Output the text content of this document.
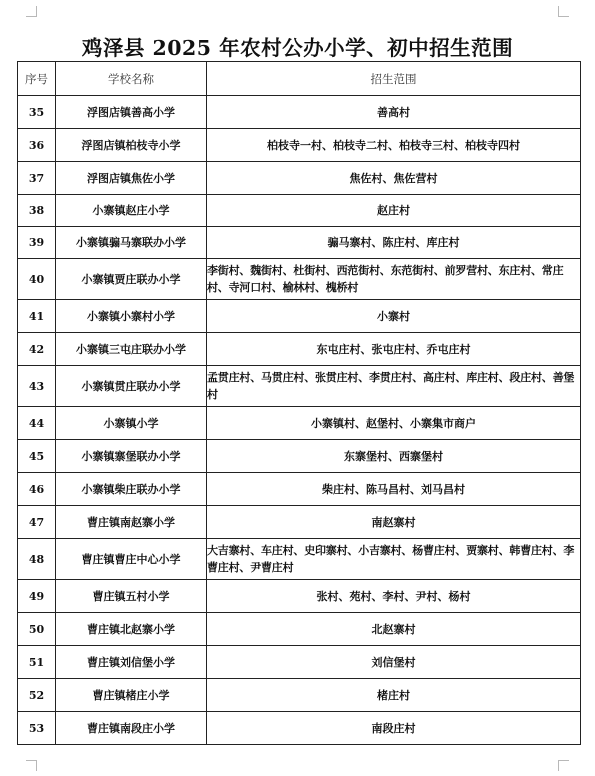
鸡泽县 2025 年农村公办小学、初中招生范围
序号	学校名称	招生范围
35	浮图店镇善高小学	善高村
36	浮图店镇柏枝寺小学	柏枝寺一村、柏枝寺二村、柏枝寺三村、柏枝寺四村
37	浮图店镇焦佐小学	焦佐村、焦佐营村
38	小寨镇赵庄小学	赵庄村
39	小寨镇骟马寨联办小学	骟马寨村、陈庄村、库庄村
40	小寨镇贾庄联办小学	李街村、魏街村、杜街村、西范街村、东范街村、前罗营村、东庄村、常庄村、寺河口村、榆林村、槐桥村
41	小寨镇小寨村小学	小寨村
42	小寨镇三屯庄联办小学	东屯庄村、张屯庄村、乔屯庄村
43	小寨镇贯庄联办小学	孟贯庄村、马贯庄村、张贯庄村、李贯庄村、高庄村、库庄村、段庄村、善堡村
44	小寨镇小学	小寨镇村、赵堡村、小寨集市商户
45	小寨镇寨堡联办小学	东寨堡村、西寨堡村
46	小寨镇柴庄联办小学	柴庄村、陈马昌村、刘马昌村
47	曹庄镇南赵寨小学	南赵寨村
48	曹庄镇曹庄中心小学	大吉寨村、车庄村、史印寨村、小吉寨村、杨曹庄村、贾寨村、韩曹庄村、李曹庄村、尹曹庄村
49	曹庄镇五村小学	张村、苑村、李村、尹村、杨村
50	曹庄镇北赵寨小学	北赵寨村
51	曹庄镇刘信堡小学	刘信堡村
52	曹庄镇楮庄小学	楮庄村
53	曹庄镇南段庄小学	南段庄村
